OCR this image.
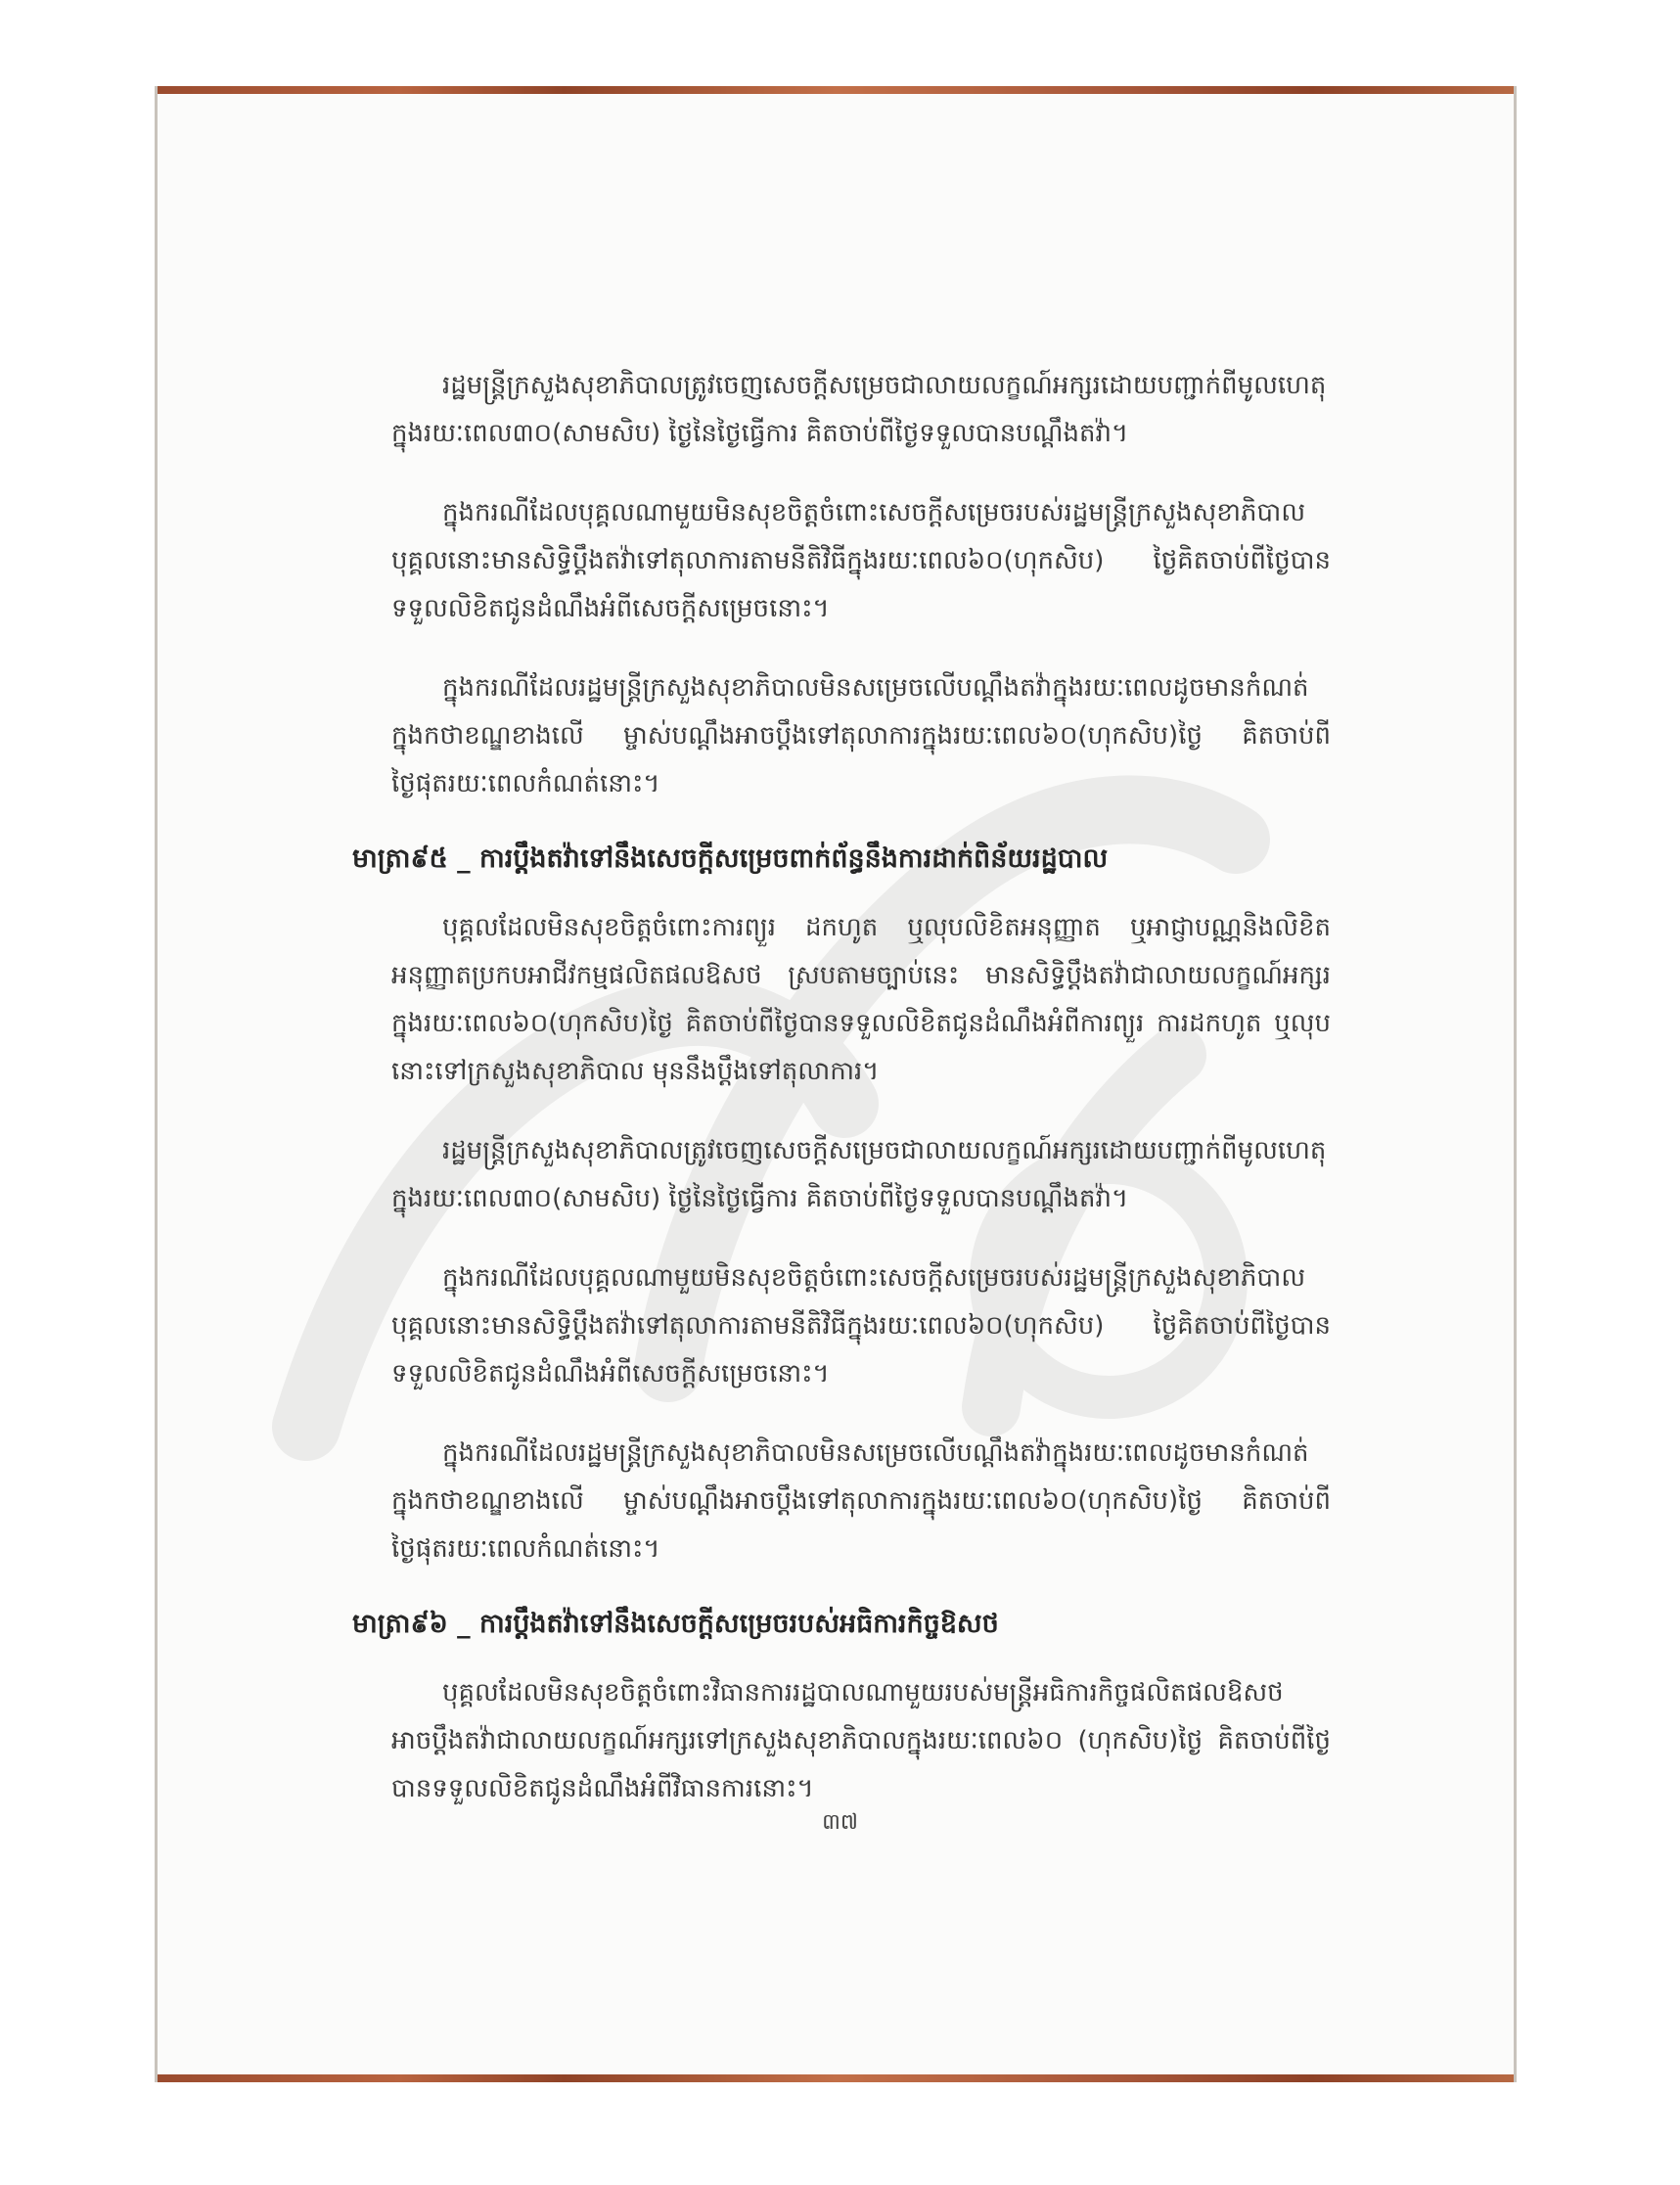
រដ្ឋមន្ត្រីក្រសួងសុខាភិបាលត្រូវចេញសេចក្តីសម្រេចជាលាយលក្ខណ៍អក្សរដោយបញ្ជាក់ពីមូលហេតុក្នុងរយៈពេល៣០(សាមសិប) ថ្ងៃនៃថ្ងៃធ្វើការ គិតចាប់ពីថ្ងៃទទួលបានបណ្តឹងតវ៉ា។

ក្នុងករណីដែលបុគ្គលណាមួយមិនសុខចិត្តចំពោះសេចក្តីសម្រេចរបស់រដ្ឋមន្ត្រីក្រសួងសុខាភិបាល បុគ្គលនោះមានសិទ្ធិប្តឹងតវ៉ាទៅតុលាការតាមនីតិវិធីក្នុងរយៈពេល៦០(ហុកសិប) ថ្ងៃគិតចាប់ពីថ្ងៃបានទទួលលិខិតជូនដំណឹងអំពីសេចក្តីសម្រេចនោះ។

ក្នុងករណីដែលរដ្ឋមន្ត្រីក្រសួងសុខាភិបាលមិនសម្រេចលើបណ្តឹងតវ៉ាក្នុងរយៈពេលដូចមានកំណត់ក្នុងកថាខណ្ឌខាងលើ ម្ចាស់បណ្តឹងអាចប្តឹងទៅតុលាការក្នុងរយៈពេល៦០(ហុកសិប)ថ្ងៃ គិតចាប់ពីថ្ងៃផុតរយៈពេលកំណត់នោះ។

មាត្រា៩៥ _ ការប្តឹងតវ៉ាទៅនឹងសេចក្តីសម្រេចពាក់ព័ន្ធនឹងការដាក់ពិន័យរដ្ឋបាល

បុគ្គលដែលមិនសុខចិត្តចំពោះការព្យួរ ដកហូត ឬលុបលិខិតអនុញ្ញាត ឬអាជ្ញាបណ្ណនិងលិខិតអនុញ្ញាតប្រកបអាជីវកម្មផលិតផលឱសថ ស្របតាមច្បាប់នេះ មានសិទ្ធិប្តឹងតវ៉ាជាលាយលក្ខណ៍អក្សរក្នុងរយៈពេល៦០(ហុកសិប)ថ្ងៃ គិតចាប់ពីថ្ងៃបានទទួលលិខិតជូនដំណឹងអំពីការព្យួរ ការដកហូត ឬលុបនោះទៅក្រសួងសុខាភិបាល មុននឹងប្តឹងទៅតុលាការ។

រដ្ឋមន្ត្រីក្រសួងសុខាភិបាលត្រូវចេញសេចក្តីសម្រេចជាលាយលក្ខណ៍អក្សរដោយបញ្ជាក់ពីមូលហេតុក្នុងរយៈពេល៣០(សាមសិប) ថ្ងៃនៃថ្ងៃធ្វើការ គិតចាប់ពីថ្ងៃទទួលបានបណ្តឹងតវ៉ា។

ក្នុងករណីដែលបុគ្គលណាមួយមិនសុខចិត្តចំពោះសេចក្តីសម្រេចរបស់រដ្ឋមន្ត្រីក្រសួងសុខាភិបាល បុគ្គលនោះមានសិទ្ធិប្តឹងតវ៉ាទៅតុលាការតាមនីតិវិធីក្នុងរយៈពេល៦០(ហុកសិប) ថ្ងៃគិតចាប់ពីថ្ងៃបានទទួលលិខិតជូនដំណឹងអំពីសេចក្តីសម្រេចនោះ។

ក្នុងករណីដែលរដ្ឋមន្ត្រីក្រសួងសុខាភិបាលមិនសម្រេចលើបណ្តឹងតវ៉ាក្នុងរយៈពេលដូចមានកំណត់ក្នុងកថាខណ្ឌខាងលើ ម្ចាស់បណ្តឹងអាចប្តឹងទៅតុលាការក្នុងរយៈពេល៦០(ហុកសិប)ថ្ងៃ គិតចាប់ពីថ្ងៃផុតរយៈពេលកំណត់នោះ។

មាត្រា៩៦ _ ការប្តឹងតវ៉ាទៅនឹងសេចក្តីសម្រេចរបស់អធិការកិច្ចឱសថ

បុគ្គលដែលមិនសុខចិត្តចំពោះវិធានការរដ្ឋបាលណាមួយរបស់មន្ត្រីអធិការកិច្ចផលិតផលឱសថ អាចប្តឹងតវ៉ាជាលាយលក្ខណ៍អក្សរទៅក្រសួងសុខាភិបាលក្នុងរយៈពេល៦០ (ហុកសិប)ថ្ងៃ គិតចាប់ពីថ្ងៃបានទទួលលិខិតជូនដំណឹងអំពីវិធានការនោះ។

៣៧
